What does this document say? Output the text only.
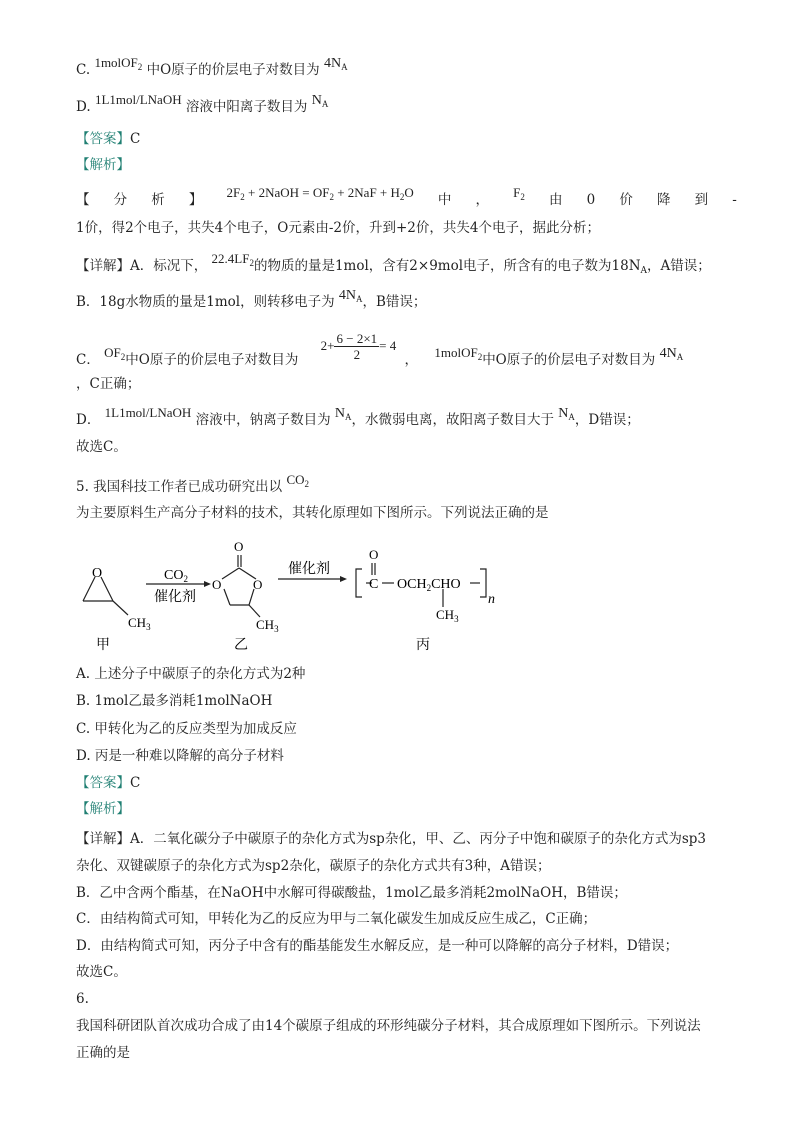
C. 1molOF$_2$ 中O原子的价层电子对数目为 $4N_A$
D. 1L1mol/LNaOH 溶液中阳离子数目为 $N_A$
【答案】C
【解析】
【 分 析 】 $2F_2$ + 2NaOH = $OF_2 + 2NaF + H_2O$ 中 ， $F_2$ 由 0 价 降 到 -
1价，得2个电子，共失4个电子，O元素由-2价，升到+2价，共失4个电子，据此分析；
【详解】A．标况下， $22.4LF_2$的物质的量是1mol，含有2×9mol电子，所含有的电子数为$18N_A$，A错误；
B．18g水物质的量是1mol，则转移电子为 $4N_A$，B错误；
C． $OF_2$中O原子的价层电子对数目为 $2+ \frac{6 - 2\times 1}{2} = 4$ ， 1molOF$_2$中O原子的价层电子对数目为 $4N_A$
，C正确；
D． 1L1mol/LNaOH 溶液中，钠离子数目为 $N_A$，水微弱电离，故阳离子数目大于 $N_A$，D错误；
故选C。
5. 我国科技工作者已成功研究出以 $CO_2$
为主要原料生产高分子材料的技术，其转化原理如下图所示。下列说法正确的是
O
$CH_3$
$CO_2$
催化剂
O
O O
$CH_3$
催化剂
O
C $OCH_2CHO$
n
$CH_3$
甲	乙	丙
A. 上述分子中碳原子的杂化方式为2种
B. 1mol乙最多消耗1molNaOH
C. 甲转化为乙的反应类型为加成反应
D. 丙是一种难以降解的高分子材料
【答案】C
【解析】
【详解】A．二氧化碳分子中碳原子的杂化方式为sp杂化，甲、乙、丙分子中饱和碳原子的杂化方式为sp3
杂化、双键碳原子的杂化方式为sp2杂化，碳原子的杂化方式共有3种，A错误；
B．乙中含两个酯基，在NaOH中水解可得碳酸盐，1mol乙最多消耗2molNaOH，B错误；
C．由结构简式可知，甲转化为乙的反应为甲与二氧化碳发生加成反应生成乙，C正确；
D．由结构简式可知，丙分子中含有的酯基能发生水解反应，是一种可以降解的高分子材料，D错误；
故选C。
6.
我国科研团队首次成功合成了由14个碳原子组成的环形纯碳分子材料，其合成原理如下图所示。下列说法
正确的是
